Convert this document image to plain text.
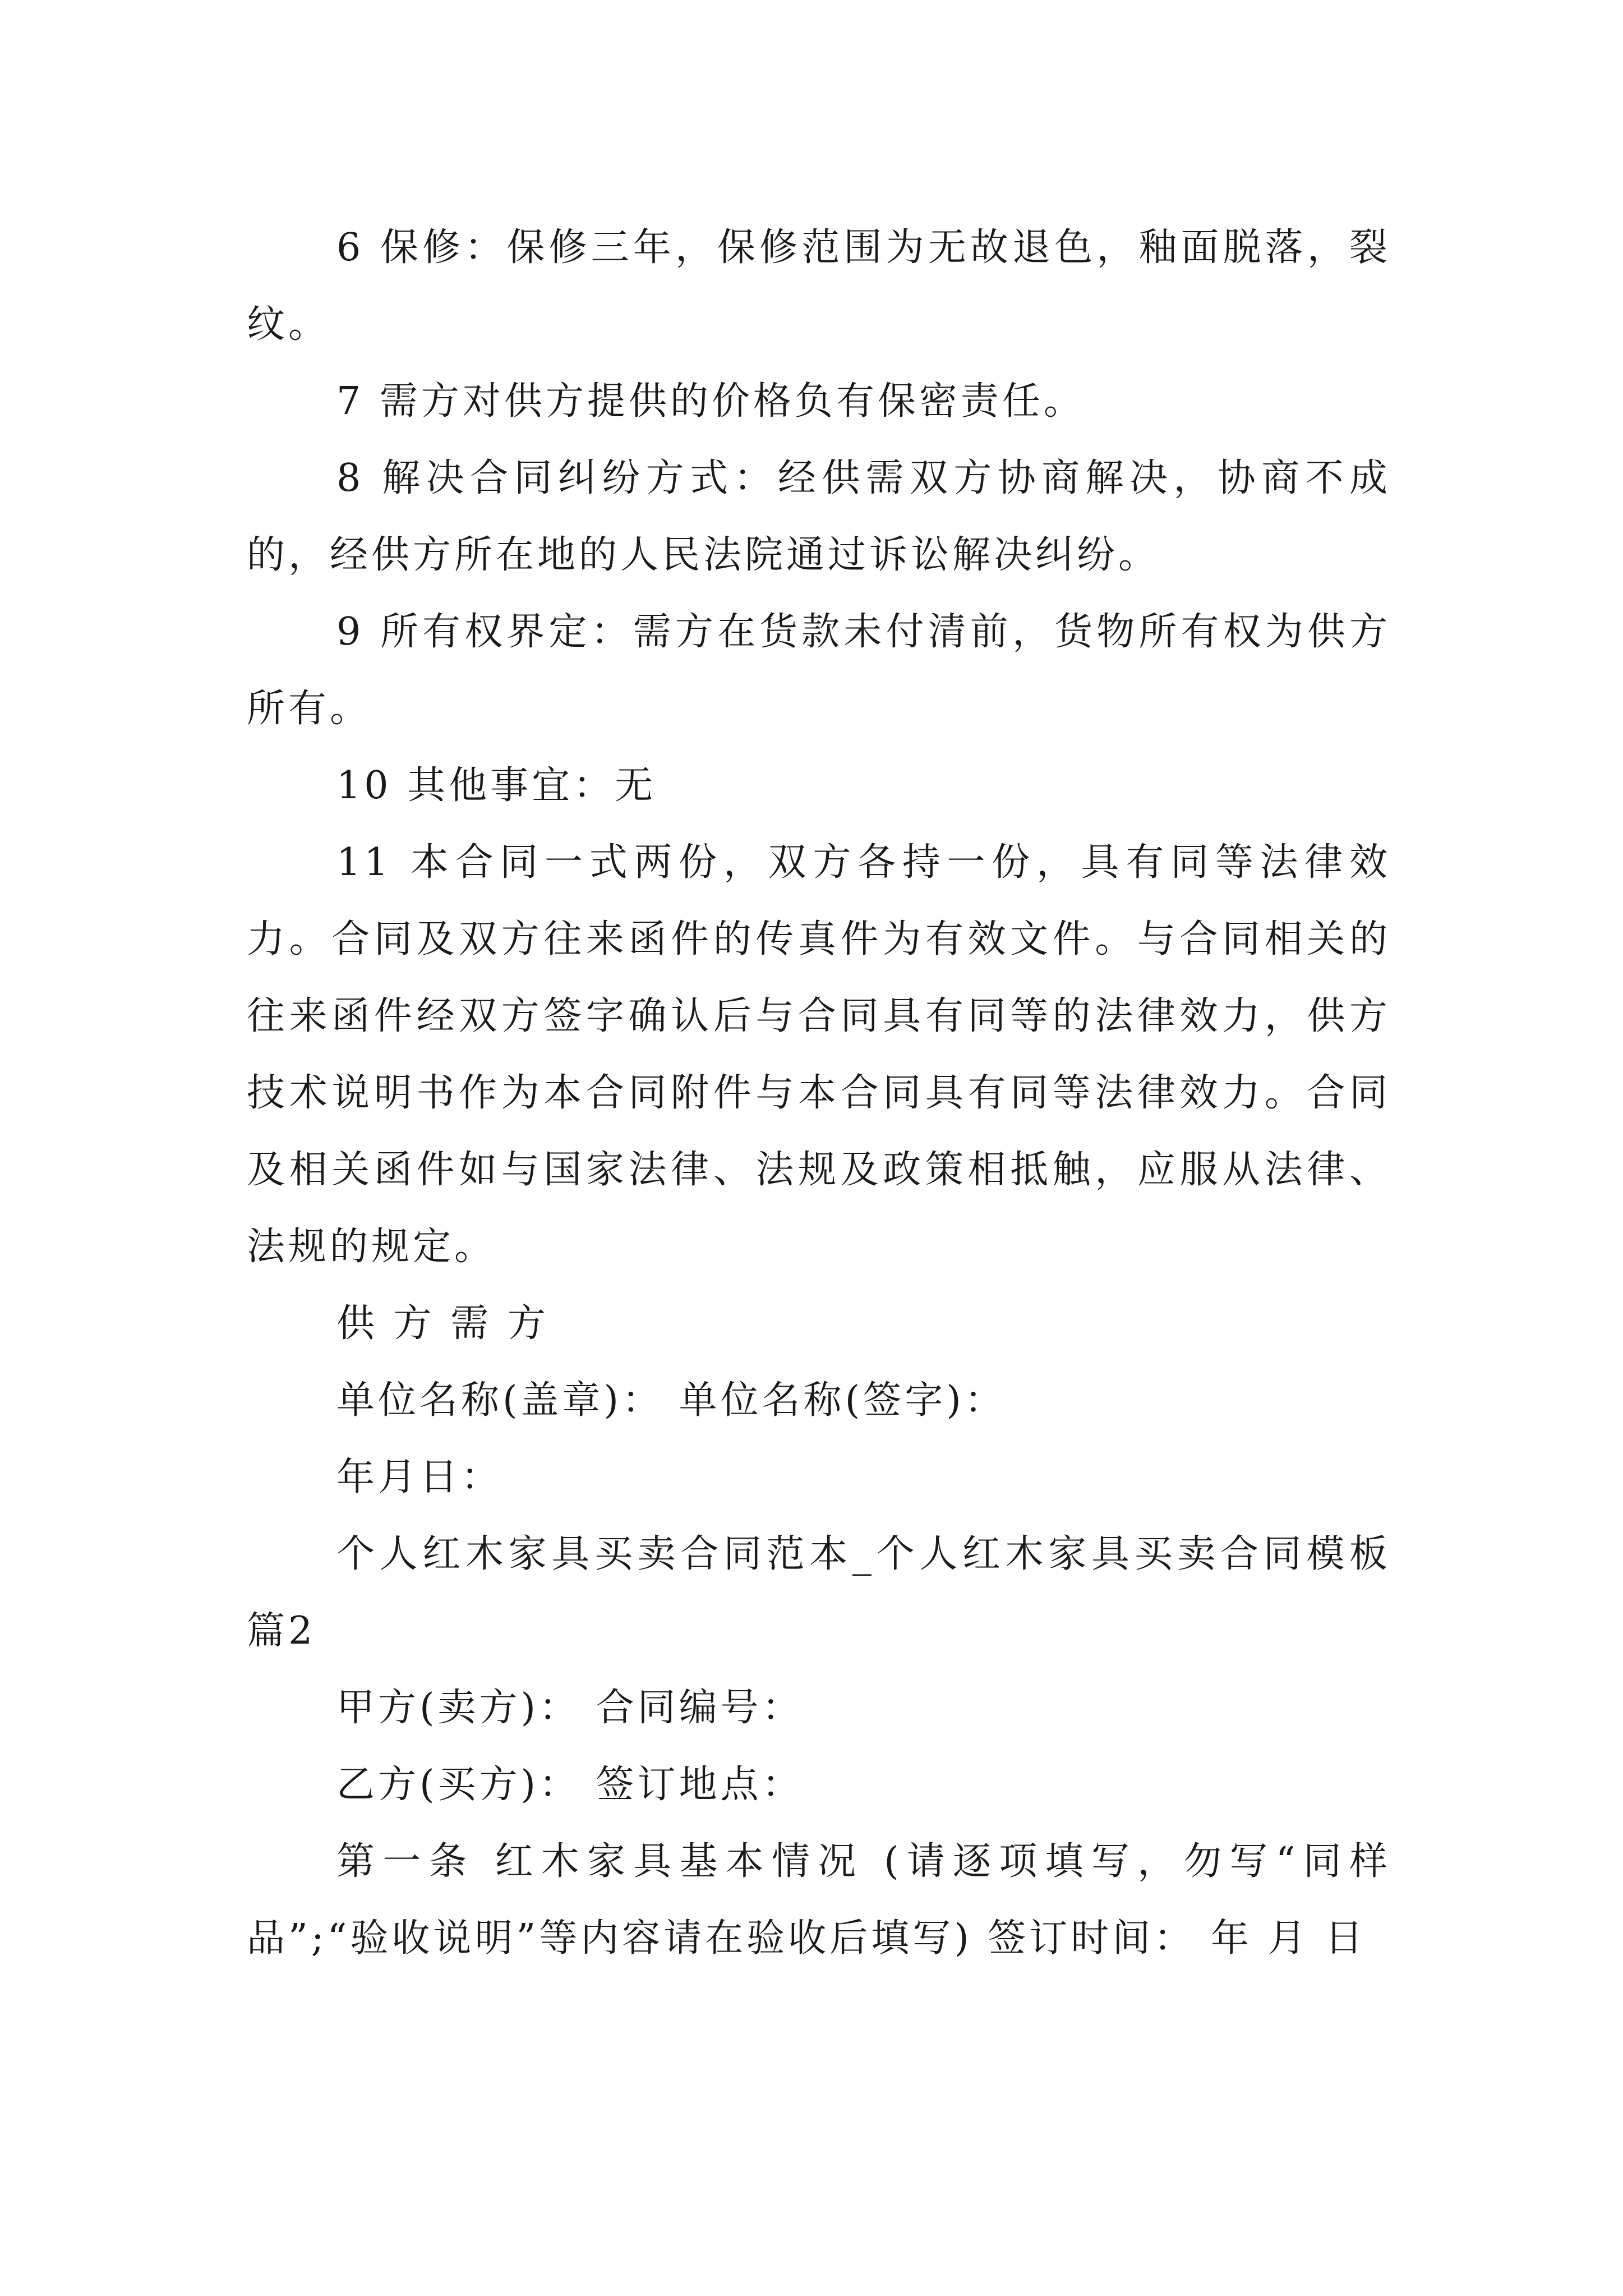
6 保修：保修三年，保修范围为无故退色，釉面脱落，裂纹。

7 需方对供方提供的价格负有保密责任。

8 解决合同纠纷方式：经供需双方协商解决，协商不成的，经供方所在地的人民法院通过诉讼解决纠纷。

9 所有权界定：需方在货款未付清前，货物所有权为供方所有。

10 其他事宜：无

11 本合同一式两份，双方各持一份，具有同等法律效力。合同及双方往来函件的传真件为有效文件。与合同相关的往来函件经双方签字确认后与合同具有同等的法律效力，供方技术说明书作为本合同附件与本合同具有同等法律效力。合同及相关函件如与国家法律、法规及政策相抵触，应服从法律、法规的规定。

供 方 需 方

单位名称(盖章)： 单位名称(签字)：

年月日：

个人红木家具买卖合同范本_个人红木家具买卖合同模板 篇2

甲方(卖方)： 合同编号：

乙方(买方)： 签订地点：

第一条 红木家具基本情况 (请逐项填写，勿写“同样品”;“验收说明”等内容请在验收后填写) 签订时间： 年 月 日
